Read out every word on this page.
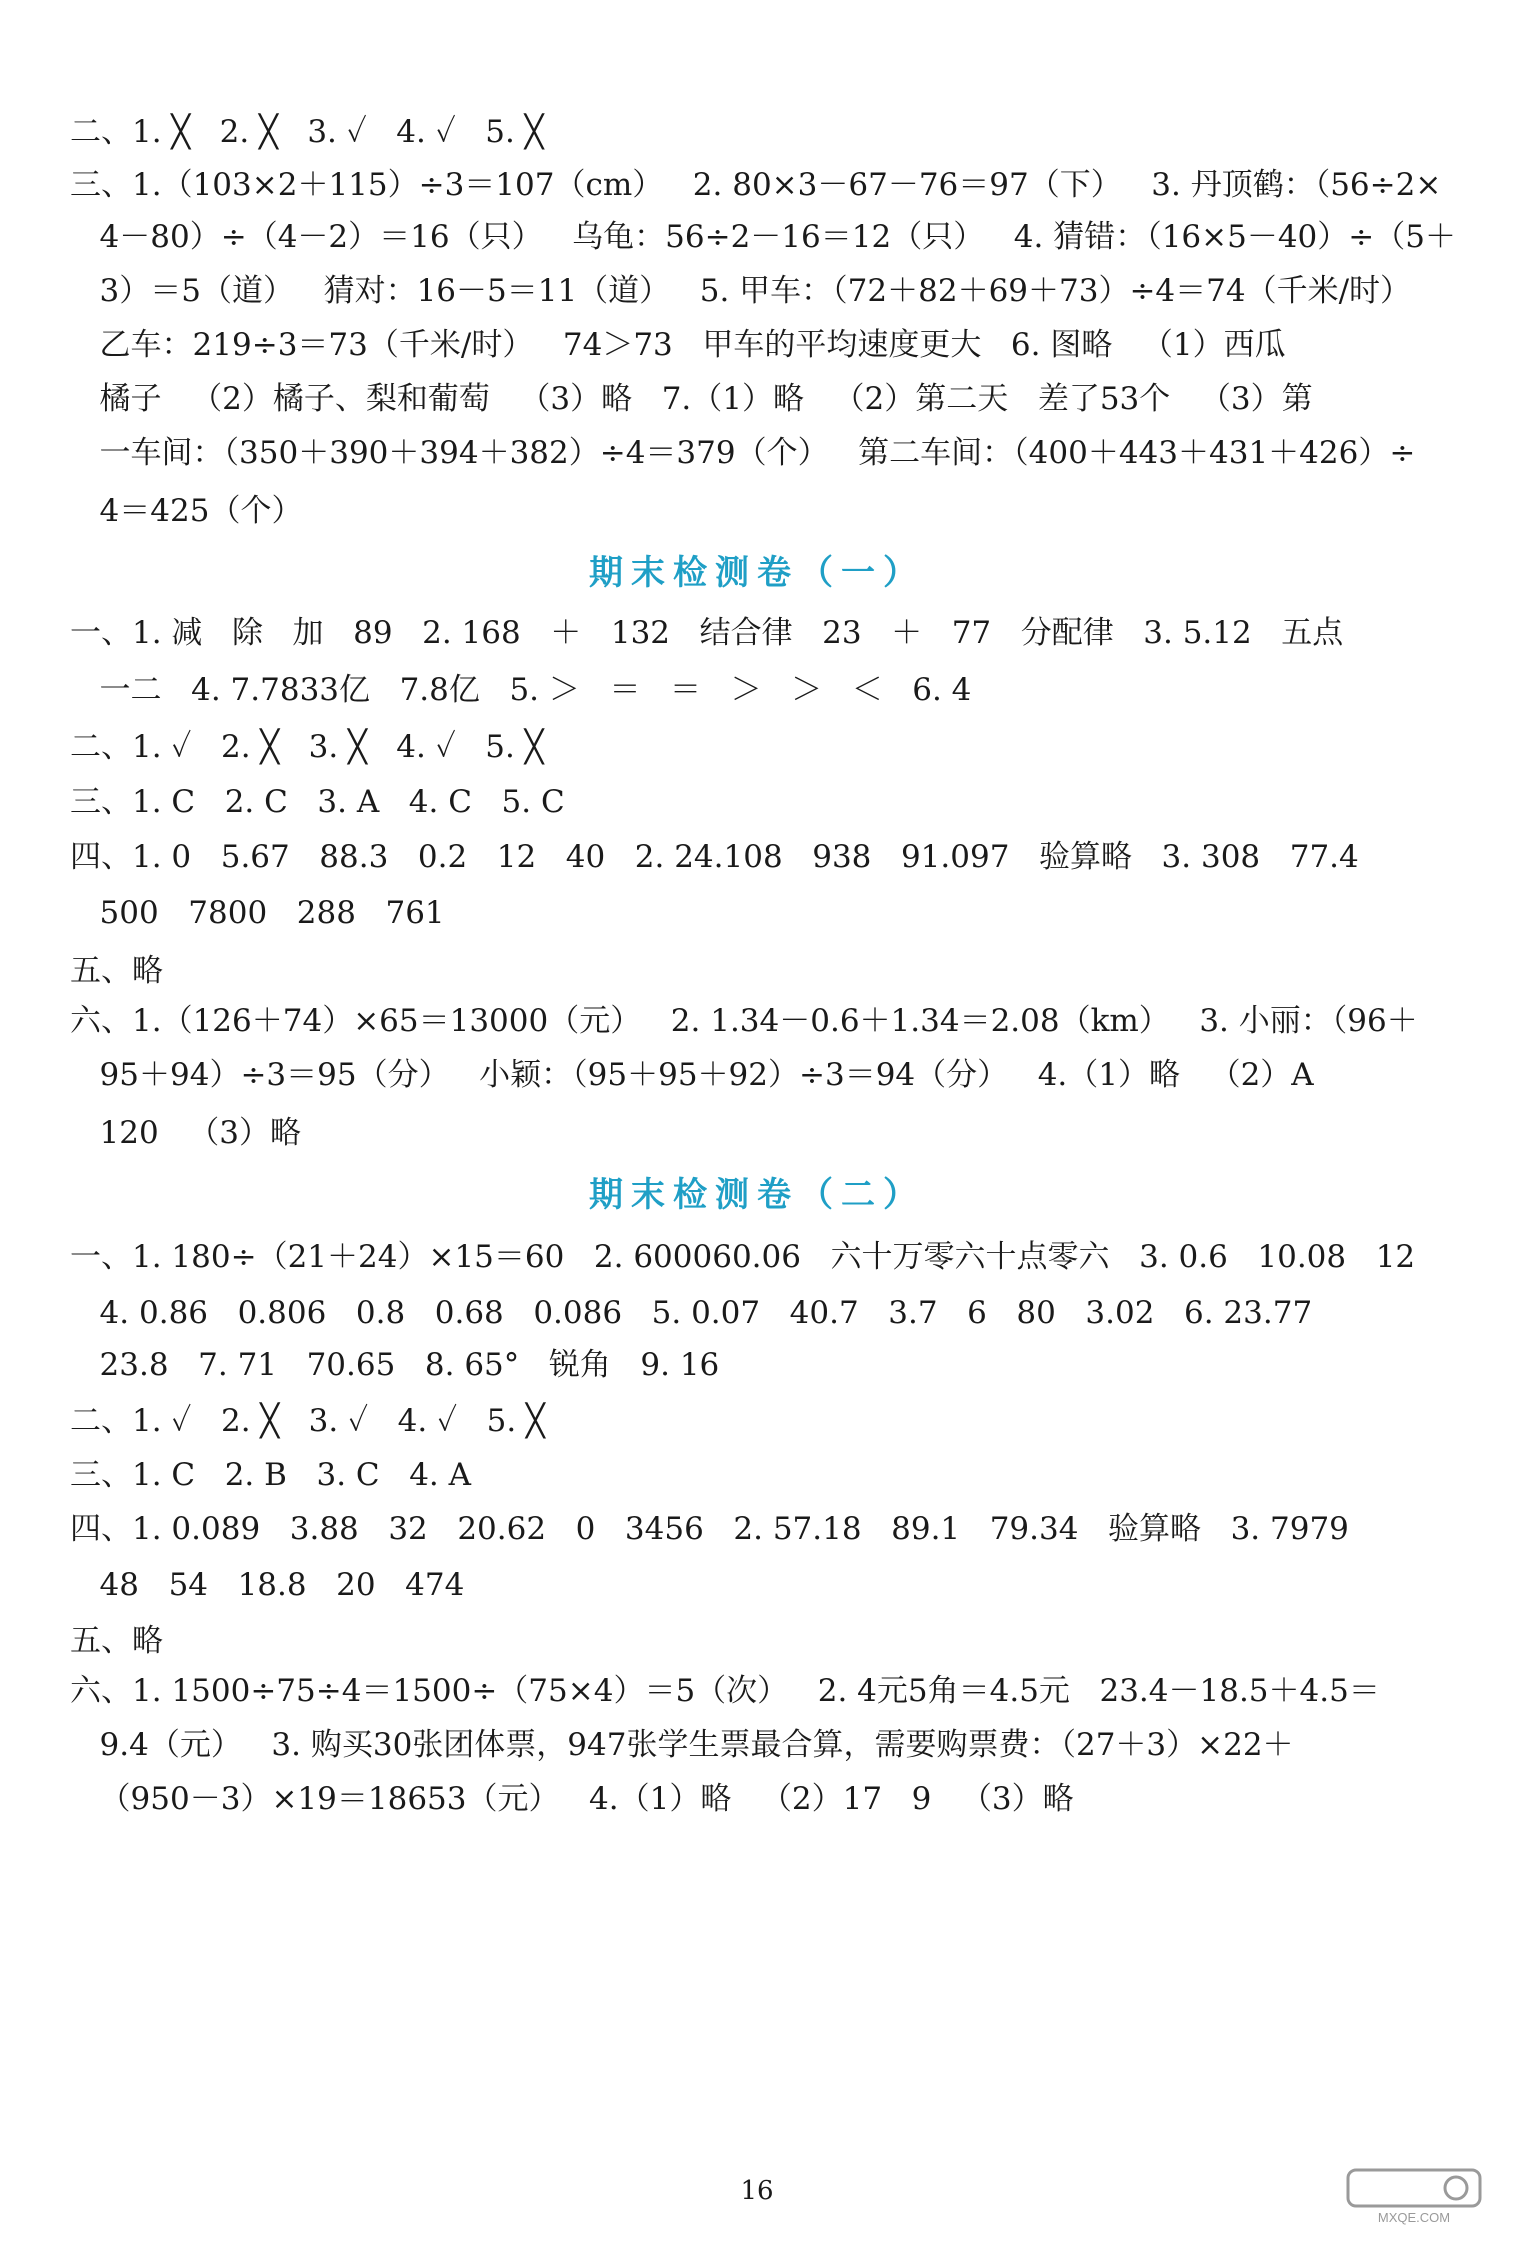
二、1. ╳   2. ╳   3. ✓   4. ✓   5. ╳

三、1.（103×2＋115）÷3＝107（cm）   2. 80×3－67－76＝97（下）   3. 丹顶鹤：（56÷2×

4－80）÷（4－2）＝16（只）   乌龟：56÷2－16＝12（只）   4. 猜错：（16×5－40）÷（5＋

3）＝5（道）   猜对：16－5＝11（道）   5. 甲车：（72＋82＋69＋73）÷4＝74（千米/时）

乙车：219÷3＝73（千米/时）   74＞73   甲车的平均速度更大   6. 图略   （1）西瓜

橘子   （2）橘子、梨和葡萄   （3）略   7.（1）略   （2）第二天   差了53个   （3）第

一车间：（350＋390＋394＋382）÷4＝379（个）   第二车间：（400＋443＋431＋426）÷

4＝425（个）

期末检测卷（一）

一、1. 减   除   加   89   2. 168   ＋   132   结合律   23   ＋   77   分配律   3. 5.12   五点

一二   4. 7.7833亿   7.8亿   5. ＞   ＝   ＝   ＞   ＞   ＜   6. 4

二、1. ✓   2. ╳   3. ╳   4. ✓   5. ╳

三、1. C   2. C   3. A   4. C   5. C

四、1. 0   5.67   88.3   0.2   12   40   2. 24.108   938   91.097   验算略   3. 308   77.4

500   7800   288   761

五、略

六、1.（126＋74）×65＝13000（元）   2. 1.34－0.6＋1.34＝2.08（km）   3. 小丽：（96＋

95＋94）÷3＝95（分）   小颖：（95＋95＋92）÷3＝94（分）   4.（1）略   （2）A

120   （3）略

期末检测卷（二）

一、1. 180÷（21＋24）×15＝60   2. 600060.06   六十万零六十点零六   3. 0.6   10.08   12

4. 0.86   0.806   0.8   0.68   0.086   5. 0.07   40.7   3.7   6   80   3.02   6. 23.77

23.8   7. 71   70.65   8. 65°   锐角   9. 16

二、1. ✓   2. ╳   3. ✓   4. ✓   5. ╳

三、1. C   2. B   3. C   4. A

四、1. 0.089   3.88   32   20.62   0   3456   2. 57.18   89.1   79.34   验算略   3. 7979

48   54   18.8   20   474

五、略

六、1. 1500÷75÷4＝1500÷（75×4）＝5（次）   2. 4元5角＝4.5元   23.4－18.5＋4.5＝

9.4（元）   3. 购买30张团体票，947张学生票最合算，需要购票费：（27＋3）×22＋

（950－3）×19＝18653（元）   4.（1）略   （2）17   9   （3）略

16

MXQE.COM
